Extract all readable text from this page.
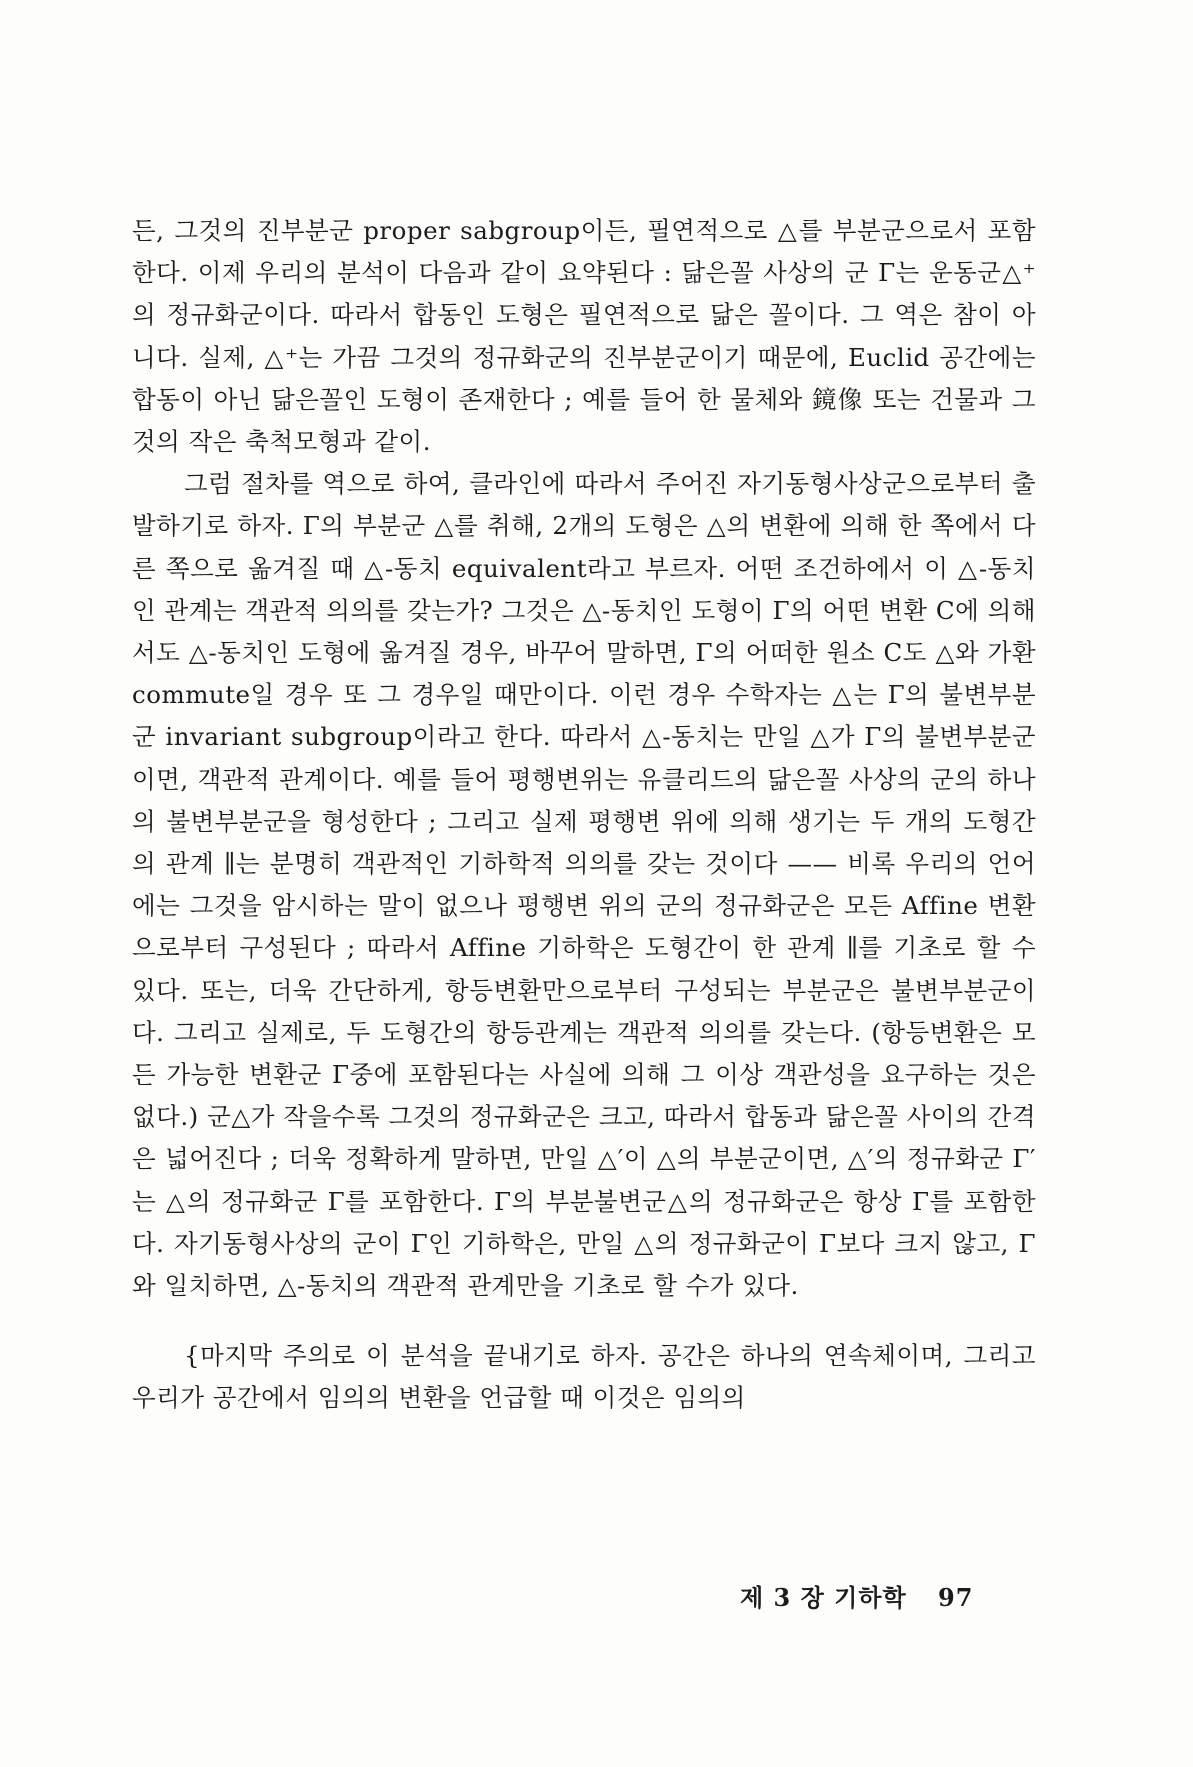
든, 그것의 진부분군 proper sabgroup이든, 필연적으로 △를 부분군으로서 포함한다. 이제 우리의 분석이 다음과 같이 요약된다 : 닮은꼴 사상의 군 Γ는 운동군△⁺의 정규화군이다. 따라서 합동인 도형은 필연적으로 닮은 꼴이다. 그 역은 참이 아니다. 실제, △⁺는 가끔 그것의 정규화군의 진부분군이기 때문에, Euclid 공간에는 합동이 아닌 닮은꼴인 도형이 존재한다 ; 예를 들어 한 물체와 鏡像 또는 건물과 그것의 작은 축척모형과 같이.

그럼 절차를 역으로 하여, 클라인에 따라서 주어진 자기동형사상군으로부터 출발하기로 하자. Γ의 부분군 △를 취해, 2개의 도형은 △의 변환에 의해 한 쪽에서 다른 쪽으로 옮겨질 때 △-동치 equivalent라고 부르자. 어떤 조건하에서 이 △-동치인 관계는 객관적 의의를 갖는가? 그것은 △-동치인 도형이 Γ의 어떤 변환 C에 의해서도 △-동치인 도형에 옮겨질 경우, 바꾸어 말하면, Γ의 어떠한 원소 C도 △와 가환 commute일 경우 또 그 경우일 때만이다. 이런 경우 수학자는 △는 Γ의 불변부분군 invariant subgroup이라고 한다. 따라서 △-동치는 만일 △가 Γ의 불변부분군이면, 객관적 관계이다. 예를 들어 평행변위는 유클리드의 닮은꼴 사상의 군의 하나의 불변부분군을 형성한다 ; 그리고 실제 평행변 위에 의해 생기는 두 개의 도형간의 관계 ∥는 분명히 객관적인 기하학적 의의를 갖는 것이다 —— 비록 우리의 언어에는 그것을 암시하는 말이 없으나 평행변 위의 군의 정규화군은 모든 Affine 변환으로부터 구성된다 ; 따라서 Affine 기하학은 도형간이 한 관계 ∥를 기초로 할 수 있다. 또는, 더욱 간단하게, 항등변환만으로부터 구성되는 부분군은 불변부분군이다. 그리고 실제로, 두 도형간의 항등관계는 객관적 의의를 갖는다. (항등변환은 모든 가능한 변환군 Γ중에 포함된다는 사실에 의해 그 이상 객관성을 요구하는 것은 없다.) 군△가 작을수록 그것의 정규화군은 크고, 따라서 합동과 닮은꼴 사이의 간격은 넓어진다 ; 더욱 정확하게 말하면, 만일 △′이 △의 부분군이면, △′의 정규화군 Γ′는 △의 정규화군 Γ를 포함한다. Γ의 부분불변군△의 정규화군은 항상 Γ를 포함한다. 자기동형사상의 군이 Γ인 기하학은, 만일 △의 정규화군이 Γ보다 크지 않고, Γ와 일치하면, △-동치의 객관적 관계만을 기초로 할 수가 있다.

{마지막 주의로 이 분석을 끝내기로 하자. 공간은 하나의 연속체이며, 그리고 우리가 공간에서 임의의 변환을 언급할 때 이것은 임의의

제 3 장 기하학 97
